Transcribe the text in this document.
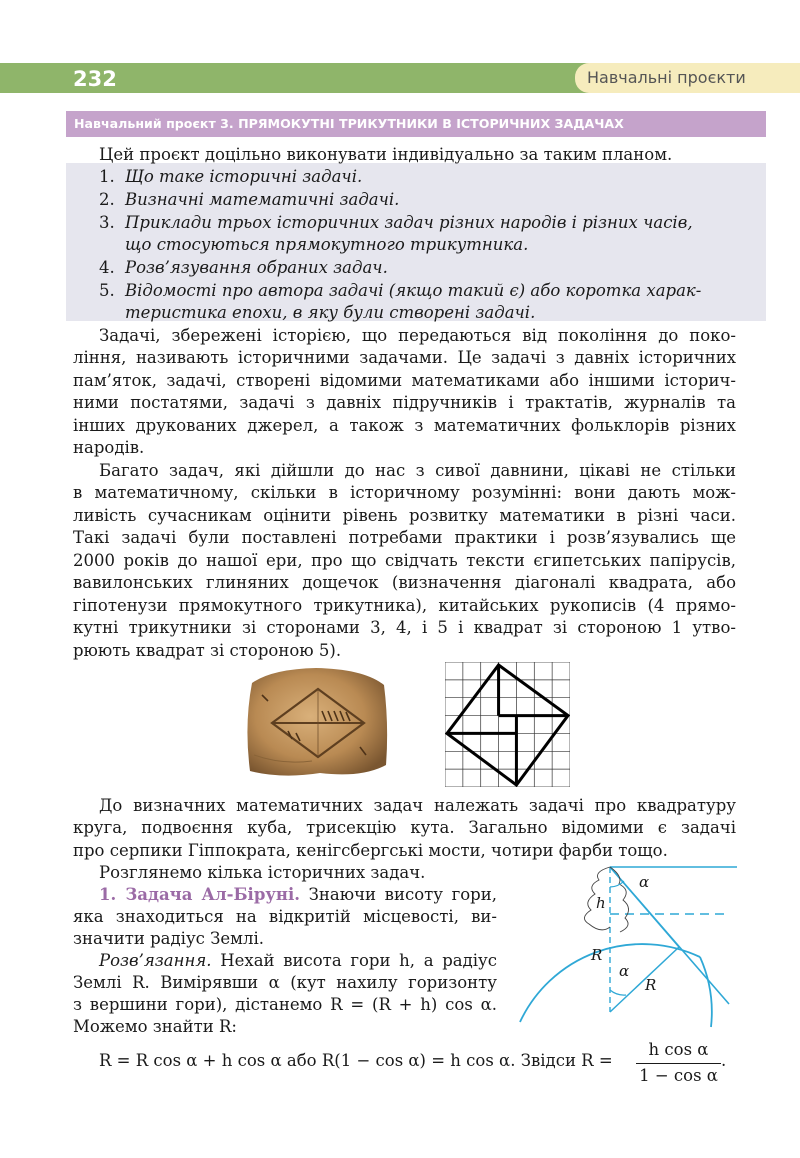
232	Навчальні проєкти
Навчальний проєкт 3. ПРЯМОКУТНІ ТРИКУТНИКИ В ІСТОРИЧНИХ ЗАДАЧАХ
Цей проєкт доцільно виконувати індивідуально за таким планом.
1. Що таке історичні задачі.
2. Визначні математичні задачі.
3. Приклади трьох історичних задач різних народів і різних часів,
що стосуються прямокутного трикутника.
4. Розв’язування обраних задач.
5. Відомості про автора задачі (якщо такий є) або коротка харак-
теристика епохи, в яку були створені задачі.
Задачі, збережені історією, що передаються від покоління до поко-
ління, називають історичними задачами. Це задачі з давніх історичних
пам’яток, задачі, створені відомими математиками або іншими історич-
ними постатями, задачі з давніх підручників і трактатів, журналів та
інших друкованих джерел, а також з математичних фольклорів різних
народів.
Багато задач, які дійшли до нас з сивої давнини, цікаві не стільки
в математичному, скільки в історичному розумінні: вони дають мож-
ливість сучасникам оцінити рівень розвитку математики в різні часи.
Такі задачі були поставлені потребами практики і розв’язувались ще
2000 років до нашої ери, про що свідчать тексти єгипетських папірусів,
вавилонських глиняних дощечок (визначення діагоналі квадрата, або
гіпотенузи прямокутного трикутника), китайських рукописів (4 прямо-
кутні трикутники зі сторонами 3, 4, і 5 і квадрат зі стороною 1 утво-
рюють квадрат зі стороною 5).
До визначних математичних задач належать задачі про квадратуру
круга, подвоєння куба, трисекцію кута. Загально відомими є задачі
про серпики Гіппократа, кенігсбергські мости, чотири фарби тощо.
Розглянемо кілька історичних задач.
1. Задача Ал-Біруні. Знаючи висоту гори,
яка знаходиться на відкритій місцевості, ви-
значити радіус Землі.
Розв’язання. Нехай висота гори h, а радіус
Землі R. Вимірявши α (кут нахилу горизонту
з вершини гори), дістанемо R = (R + h) cos α.
Можемо знайти R:
α
h
R
α
R
R = R cos α + h cos α або R(1 − cos α) = h cos α. Звідси R =
h cos α
1 − cos α
.
